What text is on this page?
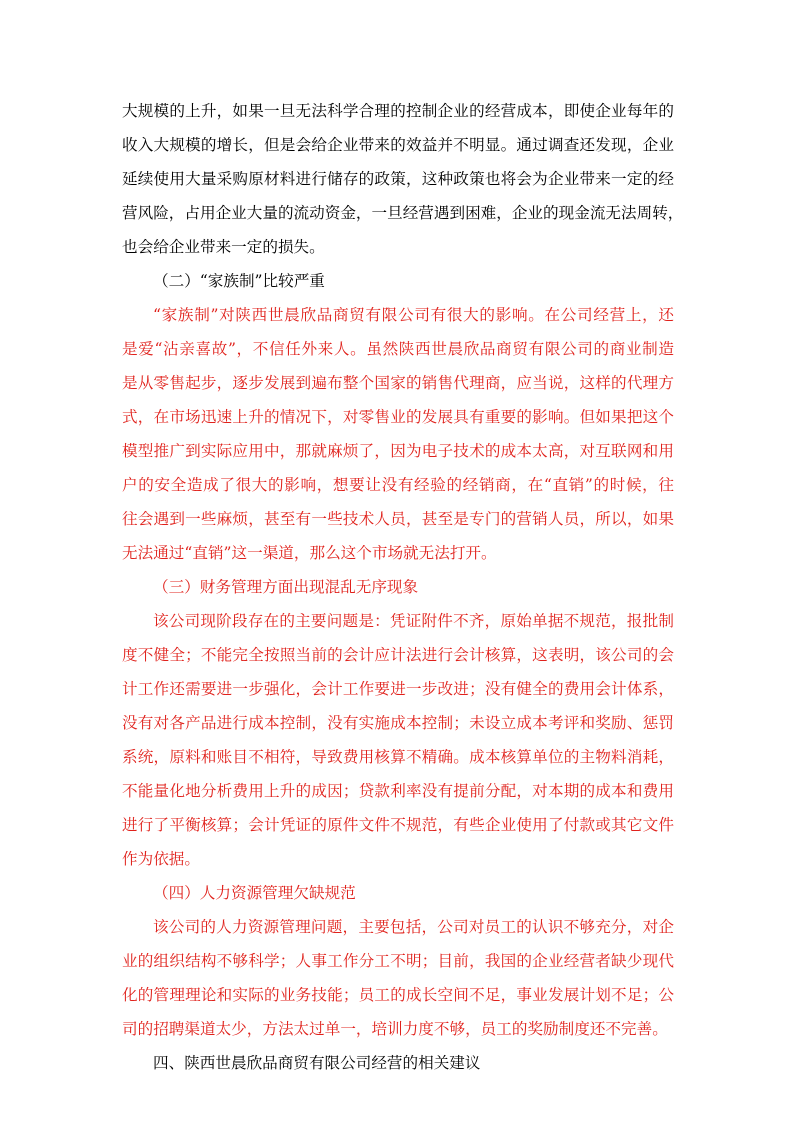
大规模的上升，如果一旦无法科学合理的控制企业的经营成本，即使企业每年的
收入大规模的增长，但是会给企业带来的效益并不明显。通过调查还发现，企业
延续使用大量采购原材料进行储存的政策，这种政策也将会为企业带来一定的经
营风险，占用企业大量的流动资金，一旦经营遇到困难，企业的现金流无法周转，
也会给企业带来一定的损失。
（二）“家族制”比较严重
“家族制”对陕西世晨欣品商贸有限公司有很大的影响。在公司经营上，还
是爱“沾亲喜故”，不信任外来人。虽然陕西世晨欣品商贸有限公司的商业制造
是从零售起步，逐步发展到遍布整个国家的销售代理商，应当说，这样的代理方
式，在市场迅速上升的情况下，对零售业的发展具有重要的影响。但如果把这个
模型推广到实际应用中，那就麻烦了，因为电子技术的成本太高，对互联网和用
户的安全造成了很大的影响，想要让没有经验的经销商，在“直销”的时候，往
往会遇到一些麻烦，甚至有一些技术人员，甚至是专门的营销人员，所以，如果
无法通过“直销”这一渠道，那么这个市场就无法打开。
（三）财务管理方面出现混乱无序现象
该公司现阶段存在的主要问题是：凭证附件不齐，原始单据不规范，报批制
度不健全；不能完全按照当前的会计应计法进行会计核算，这表明，该公司的会
计工作还需要进一步强化，会计工作要进一步改进；没有健全的费用会计体系，
没有对各产品进行成本控制，没有实施成本控制；未设立成本考评和奖励、惩罚
系统，原料和账目不相符，导致费用核算不精确。成本核算单位的主物料消耗，
不能量化地分析费用上升的成因；贷款利率没有提前分配，对本期的成本和费用
进行了平衡核算；会计凭证的原件文件不规范，有些企业使用了付款或其它文件
作为依据。
（四）人力资源管理欠缺规范
该公司的人力资源管理问题，主要包括，公司对员工的认识不够充分，对企
业的组织结构不够科学；人事工作分工不明；目前，我国的企业经营者缺少现代
化的管理理论和实际的业务技能；员工的成长空间不足，事业发展计划不足；公
司的招聘渠道太少，方法太过单一，培训力度不够，员工的奖励制度还不完善。
四、陕西世晨欣品商贸有限公司经营的相关建议
